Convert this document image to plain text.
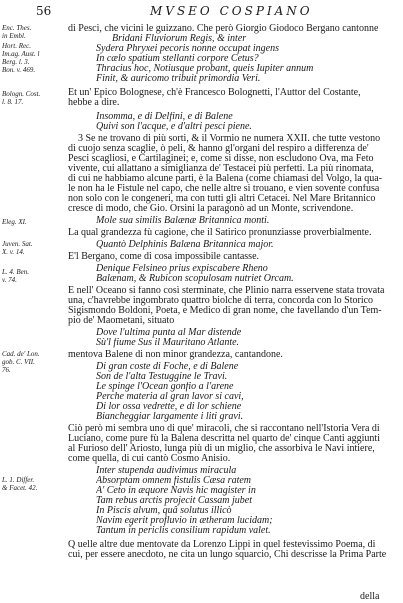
56	MVSEO COSPIANO
di Pesci, che vicini le guizzano. Che però Giorgio Giodoco Bergano cantonne
Bridani Fluviorum Regis, & inter
Sydera Phryxei pecoris nonne occupat ingens
In cælo spatium stellanti corpore Cetus?
Thracius hoc, Notiusque probant, queis Iupiter annum
Finit, & auricomo tribuit primordia Veri.
Et un' Epico Bolognese, ch'è Francesco Bolognetti, l'Auttor del Costante,
hebbe a dire.
Insomma, e di Delfini, e di Balene
Quivi son l'acque, e d'altri pesci piene.
3 Se ne trovano di più sorti, & il Vormio ne numera XXII. che tutte vestono
di cuojo senza scaglie, ò peli, & hanno gl'organi del respiro a differenza de'
Pesci scagliosi, e Cartilaginei; e, come si disse, non escludono Ova, ma Feto
vivente, cui allattano a simiglianza de' Testacei più perfetti. La più rinomata,
di cui ne habbiamo alcune parti, è la Balena (come chiamasi del Volgo, la qua-
le non ha le Fistule nel capo, che nelle altre si trouano, e vien sovente confusa
non solo con le congeneri, ma con tutti gli altri Cetacei. Nel Mare Britannico
cresce di modo, che Gio. Orsini la paragonò ad un Monte, scrivendone.
Mole sua similis Balænæ Britannica monti.
La qual grandezza fù cagione, che il Satirico pronunziasse proverbialmente.
Quantò Delphinis Balæna Britannica major.
E'l Bergano, come di cosa impossibile cantasse.
Denique Felsineo prius expiscabere Rheno
Balænam, & Rubicon scopulosam nutriet Orcam.
E nell' Oceano si fanno così sterminate, che Plinio narra esservene stata trovata
una, c'havrebbe ingombrato quattro biolche di terra, concorda con lo Storico
Sigismondo Boldoni, Poeta, e Medico di gran nome, che favellando d'un Tem-
pio de' Maometani, situato
Dove l'ultima punta al Mar distende
Sù'l fiume Sus il Mauritano Atlante.
mentova Balene di non minor grandezza, cantandone.
Di gran coste di Foche, e di Balene
Son de l'alta Testuggine le Travi.
Le spinge l'Ocean gonfio a l'arene
Perche materia al gran lavor si cavi,
Di lor ossa vedrette, e di lor schiene
Biancheggiar largamente i liti gravi.
Ciò però mi sembra uno di que' miracoli, che si raccontano nell'Istoria Vera di
Luciano, come pure fù la Balena descritta nel quarto de' cinque Canti aggiunti
al Furioso dell' Ariosto, lunga più di un miglio, che assorbiva le Navi intiere,
come quella, di cui cantò Cosmo Anisio.
Inter stupenda audivimus miracula
Absorptam omnem fistulis Cæsa ratem
A' Ceto in æquore Navis hic magister in
Tam rebus arctis projecit Cassam jubet
In Piscis alvum, quâ solutus illicò
Navim egerit profluvio in ætheram lucidam;
Tantum in periclis consilium rapidum valet.
Q uelle altre due mentovate da Lorenzo Lippi in quel festevissimo Poema, di
cui, per essere anecdoto, ne cita un lungo squarcio, Chi descrisse la Prima Parte
della
Enc. Thes.
in Embl.
Hort. Rec.
Im.ag. Aust. l
Berg. l. 3.
Bon. v. 469.
Bologn. Cost.
l. 8. 17.
Eleg. XI.
Juven. Sat.
X. v. 14.
L. 4. Ben.
v. 74.
Cad. de' Lon.
gob. C. VII.
76.
L. 1. Differ.
& Facet. 42.
